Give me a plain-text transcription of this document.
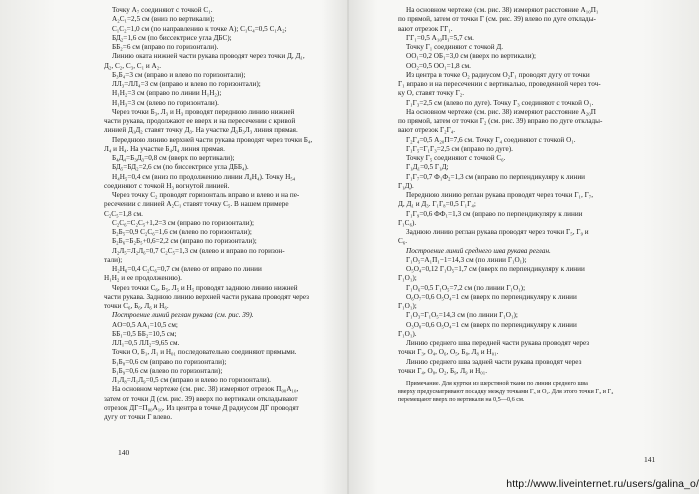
Точку A₇ соединяют с точкой C₁.
A₂C₁=2,5 см (вниз по вертикали);
C₁C₂=1,0 см (по направлению к точке A); C₁C₄=0,5 C₁A₂;
БД₂=1,6 см (по биссектрисе угла ДБС);
ББ₂=6 см (вправо по горизонтали).
Линию оката нижней части рукава проводят через точки Д, Д₁,
Д₂, C₂, C₃, C₁ и A₂.
Б₃Б₄=3 см (вправо и влево по горизонтали);
ЛЛ₃=ЛЛ₄=3 см (вправо и влево по горизонтали);
Н₁Н₂=3 см (вправо по линии Н₁Н₂);
Н₁Н₃=3 см (влево по горизонтали).
Через точки Б₃, Л₃ и Н₃ проводят переднюю линию нижней
части рукава, продолжают ее вверх и на пересечении с кривой
линией Д₁Д₂ ставят точку Д₃. На участке Д₃Б₃Л₃ линия прямая.
Переднюю линию верхней части рукава проводят через точки Б₄,
Л₄ и Н₄. На участке Б₄Л₄ линия прямая.
Б₄Д₄=Б₃Д₃=0,8 см (вверх по вертикали);
БД₅=БД₂=2,6 см (по биссектрисе угла ДББ₄).
Н₄Н₅=0,4 см (вниз по продолжению линии Л₄Н₄). Точку Н₅₄
соединяют с точкой Н₃ вогнутой линией.
Через точку C₂ проводят горизонталь вправо и влево и на пе-
ресечении с линией A₂C₁ ставят точку C₅. В нашем примере
C₂C₅=1,8 см.
C₂C₆=C₂C₅+1,2=3 см (вправо по горизонтали);
Б₂Б₅=0,9 C₂C₆=1,6 см (влево по горизонтали);
Б₂Б₆=Б₂Б₅+0,6=2,2 см (вправо по горизонтали);
Л₂Л₅=Л₂Л₆=0,7 C₂C₅=1,3 см (влево и вправо по горизон-
тали);
Н₂Н₆=0,4 C₂C₆=0,7 см (влево от вправо по линии
Н₁Н₂ и ее продолжению).
Через точки C₆, Б₅, Л₅ и Н₅ проводят заднюю линию нижней
части рукава. Заднюю линию верхней части рукава проводят через
точки C₆, Б₆, Л₆ и Н₆.
Построение линий реглан рукава (см. рис. 39).
AO=0,5 AA₁=10,5 см;
ББ₁=0,5 ББ₂=10,5 см;
ЛЛ₁=0,5 ЛЛ₂=9,65 см.
Точки O, Б₁, Л₁ и Н₀₁ последовательно соединяют прямыми.
Б₁Б₈=0,6 см (вправо по горизонтали);
Б₁Б₉=0,6 см (влево по горизонтали);
Л₁Л₈=Л₁Л₉=0,5 см (вправо и влево по горизонтали).
На основном чертеже (см. рис. 38) измеряют отрезок П₀₀A₁₀,
затем от точки Д (см. рис. 39) вверх по вертикали откладывают
отрезок ДГ=П₀₀A₁₀. Из центра в точке Д радиусом ДГ проводят
дугу от точки Г влево.
140
На основном чертеже (см. рис. 38) измеряют расстояние A₁₀П₁
по прямой, затем от точки Г (см. рис. 39) влево по дуге отклады-
вают отрезок ГГ₁.
ГГ₁=0,5 A₁₀П₁=5,7 см.
Точку Г₁ соединяют с точкой Д.
OO₁=0,2 OБ₁=3,0 см (вверх по вертикали);
OO₂=0,5 OO₁=1,8 см.
Из центра в точке O₂ радиусом O₂Г₁ проводят дугу от точки
Г₁ вправо и на пересечении с вертикалью, проведенной через точ-
ку O, ставят точку Г₂.
Г₁Г₃=2,5 см (влево по дуге). Точку Г₃ соединяют с точкой O₁.
На основном чертеже (см. рис. 38) измеряют расстояние A₂₀П
по прямой, затем от точки Г₂ (см. рис. 39) вправо по дуге отклады-
вают отрезок Г₂Г₄.
Г₂Г₄=0,5 A₂₀П=7,6 см. Точку Г₄ соединяют с точкой O₁.
Г₁Г₅=Г₁Г₃=2,5 см (вправо по дуге).
Точку Г₅ соединяют с точкой C₆.
Г₁Д₁=0,5 Г₁Д;
Г₁Г₇=0,7 Ф₁Ф₂=1,3 см (вправо по перпендикуляру к линии
Г₁Д).
Переднюю линию реглан рукава проводят через точки Г₁, Г₇,
Д, Д₁ и Д₃. Г₁Г₈=0,5 Г₁Г₄;
Г₁Г₉=0,6 ФФ₁=1,3 см (вправо по перпендикуляру к линии
Г₁C₆).
Заднюю линию реглан рукава проводят через точки Г₅, Г₉ и
C₆.
Построение линий среднего шва рукава реглан.
Г₁O₅=A₁П₁−1=14,3 см (по линии Г₁O₁);
O₅O₄=0,12 Г₁O₅=1,7 см (вверх по перпендикуляру к линии
Г₁O₁);
Г₁O₆=0,5 Г₁O₅=7,2 см (по линии Г₁O₁);
O₆O₇=0,6 O₅O₄=1 см (вверх по перпендикуляру к линии
Г₁O₁);
Г₁O₃=Г₁O₅=14,3 см (по линии Г₁O₁);
O₃O₈=0,6 O₅O₄=1 см (вверх по перпендикуляру к линии
Г₁O₁).
Линию среднего шва передней части рукава проводят через
точки Г₃, O₄, O₆, O₅, Б₈, Л₈ и Н₀₁.
Линию среднего шва задней части рукава проводят через
точки Г₄, O₈, O₂, Б₉, Л₉ и Н₀₁.
Примечание. Для куртки из шерстяной ткани по линии среднего шва
вверху предусматривают посадку между точками Г₃ и O₂. Для этого точки Г₃ и Г₄
перемещают вверх по вертикали на 0,5—0,6 см.
141
http://www.liveinternet.ru/users/galina_o/
